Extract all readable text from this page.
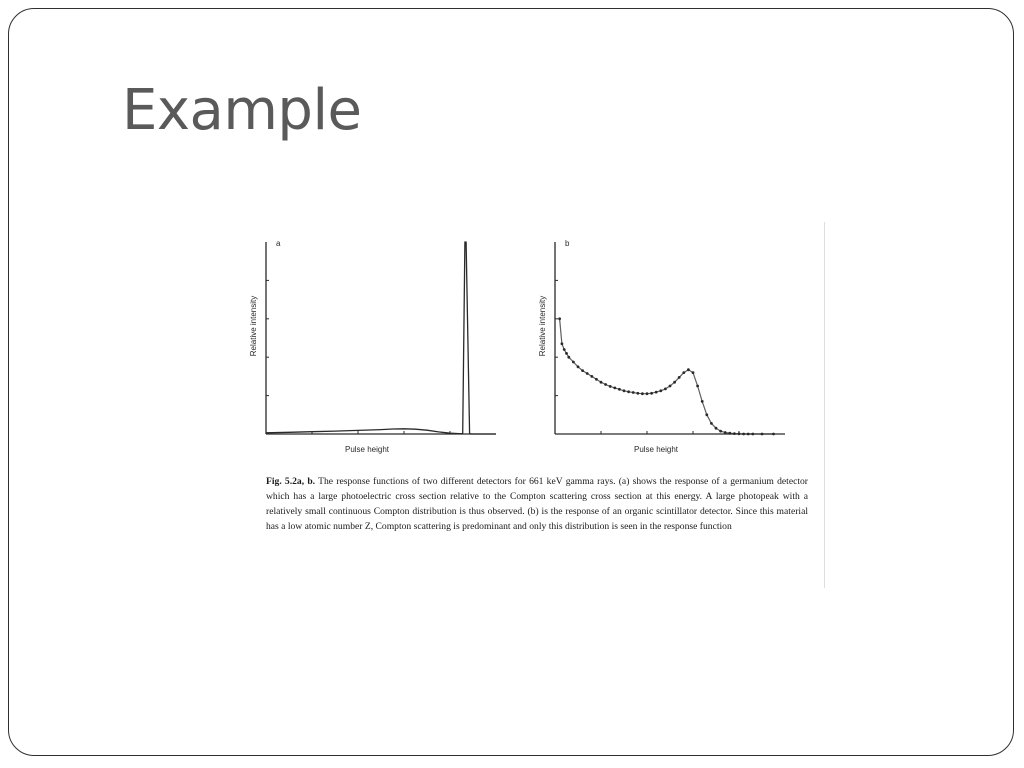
Example
a
Pulse height
Relative intensity
b
Pulse height
Relative intensity

Fig. 5.2a, b. The response functions of two different detectors for 661 keV gamma rays. (a) shows the response of a germanium detector which has a large photoelectric cross section relative to the Compton scattering cross section at this energy. A large photopeak with a relatively small continuous Compton distribution is thus observed. (b) is the response of an organic scintillator detector. Since this material has a low atomic number Z, Compton scattering is predominant and only this distribution is seen in the response function
